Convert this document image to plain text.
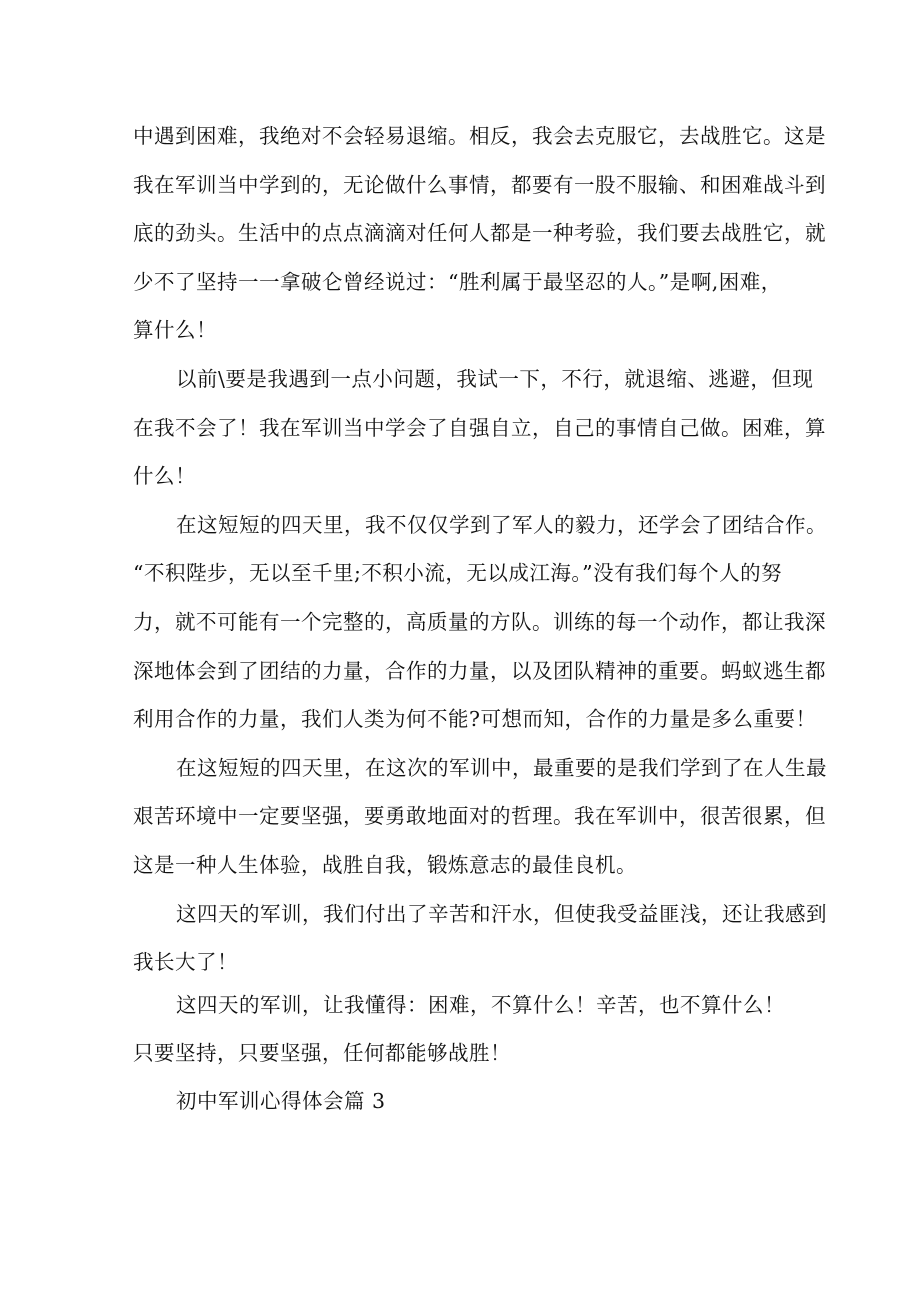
中遇到困难，我绝对不会轻易退缩。相反，我会去克服它，去战胜它。这是
我在军训当中学到的，无论做什么事情，都要有一股不服输、和困难战斗到
底的劲头。生活中的点点滴滴对任何人都是一种考验，我们要去战胜它，就
少不了坚持一一拿破仑曾经说过：“胜利属于最坚忍的人。”是啊,困难，
算什么！

以前\要是我遇到一点小问题，我试一下，不行，就退缩、逃避，但现
在我不会了！我在军训当中学会了自强自立，自己的事情自己做。困难，算
什么！

在这短短的四天里，我不仅仅学到了军人的毅力，还学会了团结合作。
“不积陛步，无以至千里;不积小流，无以成江海。”没有我们每个人的努
力，就不可能有一个完整的，高质量的方队。训练的每一个动作，都让我深
深地体会到了团结的力量，合作的力量，以及团队精神的重要。蚂蚁逃生都
利用合作的力量，我们人类为何不能?可想而知，合作的力量是多么重要！

在这短短的四天里，在这次的军训中，最重要的是我们学到了在人生最
艰苦环境中一定要坚强，要勇敢地面对的哲理。我在军训中，很苦很累，但
这是一种人生体验，战胜自我，锻炼意志的最佳良机。

这四天的军训，我们付出了辛苦和汗水，但使我受益匪浅，还让我感到
我长大了！

这四天的军训，让我懂得：困难，不算什么！辛苦，也不算什么！
只要坚持，只要坚强，任何都能够战胜！

初中军训心得体会篇 3
